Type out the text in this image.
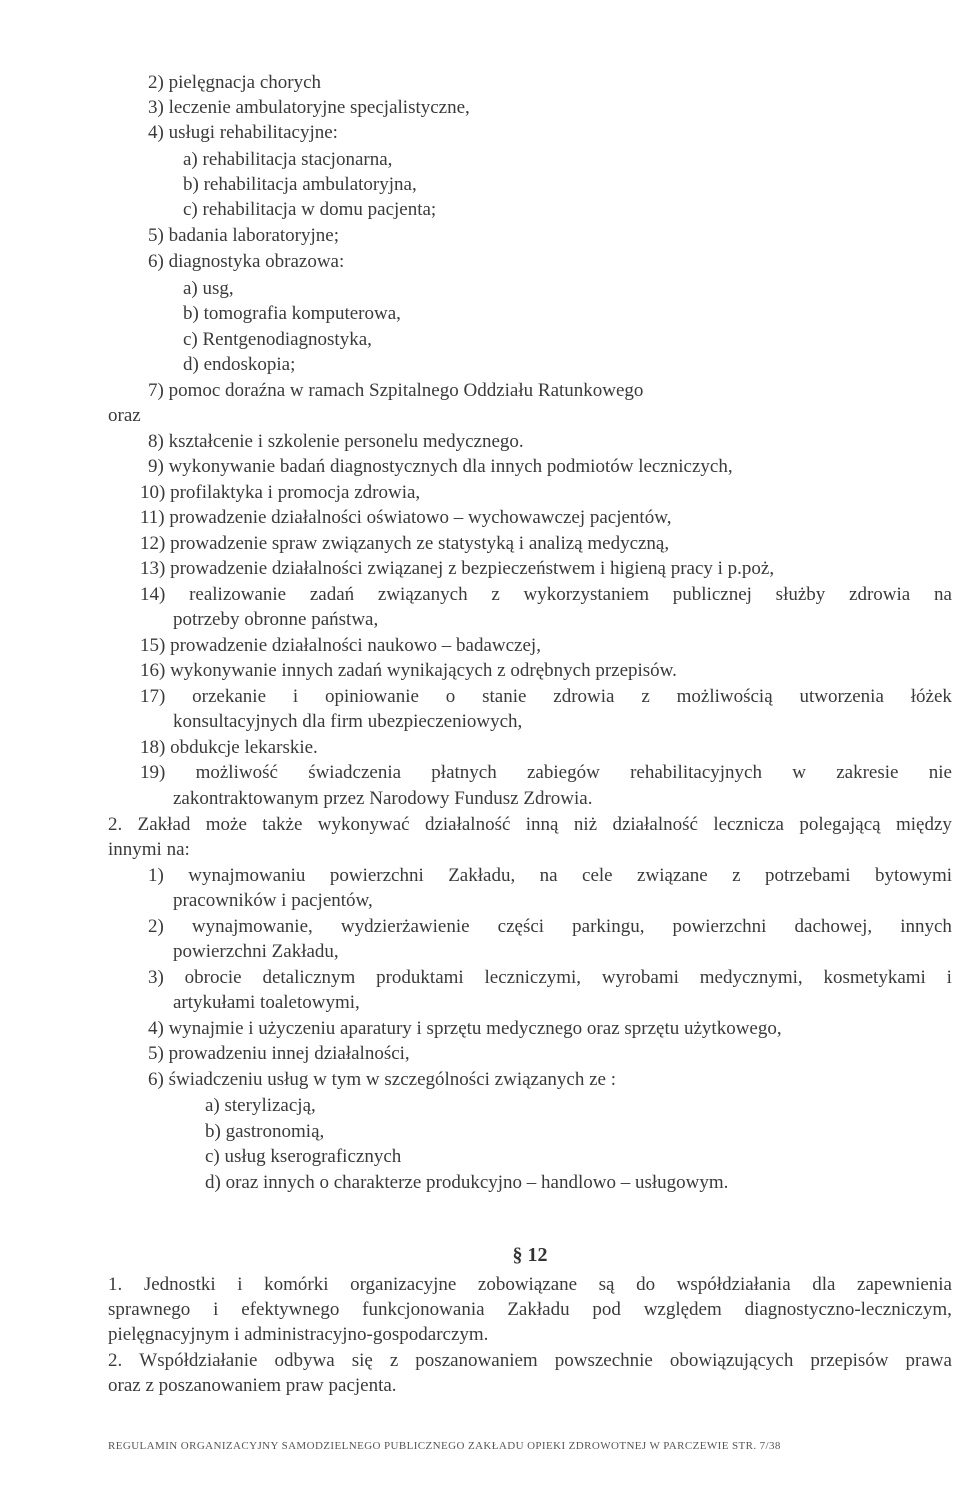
2) pielęgnacja chorych
3) leczenie ambulatoryjne specjalistyczne,
4) usługi rehabilitacyjne:
a) rehabilitacja stacjonarna,
b) rehabilitacja ambulatoryjna,
c) rehabilitacja w domu pacjenta;
5) badania laboratoryjne;
6) diagnostyka obrazowa:
a) usg,
b) tomografia komputerowa,
c) Rentgenodiagnostyka,
d) endoskopia;
7) pomoc doraźna w ramach Szpitalnego Oddziału Ratunkowego
oraz
8) kształcenie i szkolenie personelu medycznego.
9) wykonywanie badań diagnostycznych dla innych podmiotów leczniczych,
10) profilaktyka i promocja zdrowia,
11) prowadzenie działalności oświatowo – wychowawczej pacjentów,
12) prowadzenie spraw związanych ze statystyką i analizą medyczną,
13) prowadzenie działalności związanej z bezpieczeństwem i higieną pracy i p.poż,
14) realizowanie zadań związanych z wykorzystaniem publicznej służby zdrowia na
potrzeby obronne państwa,
15) prowadzenie działalności naukowo – badawczej,
16) wykonywanie innych zadań wynikających z odrębnych przepisów.
17) orzekanie i opiniowanie o stanie zdrowia z możliwością utworzenia łóżek
konsultacyjnych dla firm ubezpieczeniowych,
18) obdukcje lekarskie.
19) możliwość świadczenia płatnych zabiegów rehabilitacyjnych w zakresie nie
zakontraktowanym przez Narodowy Fundusz Zdrowia.
2. Zakład może także wykonywać działalność inną niż działalność lecznicza polegającą między
innymi na:
1) wynajmowaniu powierzchni Zakładu, na cele związane z potrzebami bytowymi
pracowników i pacjentów,
2) wynajmowanie, wydzierżawienie części parkingu, powierzchni dachowej, innych
powierzchni Zakładu,
3) obrocie detalicznym produktami leczniczymi, wyrobami medycznymi, kosmetykami i
artykułami toaletowymi,
4) wynajmie i użyczeniu aparatury i sprzętu medycznego oraz sprzętu użytkowego,
5) prowadzeniu innej działalności,
6) świadczeniu usług w tym w szczególności związanych ze :
a) sterylizacją,
b) gastronomią,
c) usług kserograficznych
d) oraz innych o charakterze produkcyjno – handlowo – usługowym.
§ 12
1. Jednostki i komórki organizacyjne zobowiązane są do współdziałania dla zapewnienia
sprawnego i efektywnego funkcjonowania Zakładu pod względem diagnostyczno-leczniczym,
pielęgnacyjnym i administracyjno-gospodarczym.
2. Współdziałanie odbywa się z poszanowaniem powszechnie obowiązujących przepisów prawa
oraz z poszanowaniem praw pacjenta.
REGULAMIN ORGANIZACYJNY SAMODZIELNEGO PUBLICZNEGO ZAKŁADU OPIEKI ZDROWOTNEJ W PARCZEWIE STR. 7/38
